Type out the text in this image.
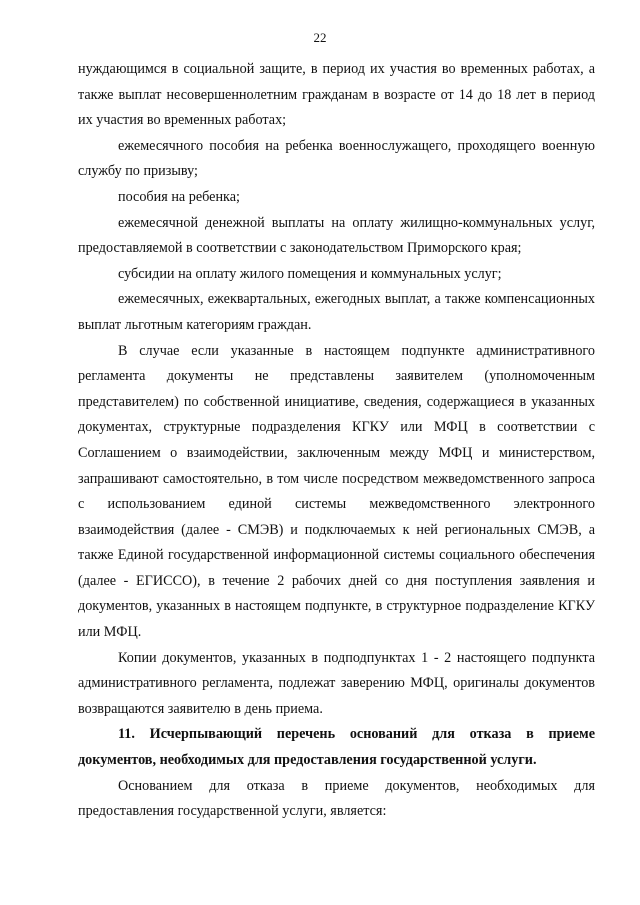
22

нуждающимся в социальной защите, в период их участия во временных работах, а также выплат несовершеннолетним гражданам в возрасте от 14 до 18 лет в период их участия во временных работах;

ежемесячного пособия на ребенка военнослужащего, проходящего военную службу по призыву;

пособия на ребенка;

ежемесячной денежной выплаты на оплату жилищно-коммунальных услуг, предоставляемой в соответствии с законодательством Приморского края;

субсидии на оплату жилого помещения и коммунальных услуг;

ежемесячных, ежеквартальных, ежегодных выплат, а также компенсационных выплат льготным категориям граждан.

В случае если указанные в настоящем подпункте административного регламента документы не представлены заявителем (уполномоченным представителем) по собственной инициативе, сведения, содержащиеся в указанных документах, структурные подразделения КГКУ или МФЦ в соответствии с Соглашением о взаимодействии, заключенным между МФЦ и министерством, запрашивают самостоятельно, в том числе посредством межведомственного запроса с использованием единой системы межведомственного электронного взаимодействия (далее - СМЭВ) и подключаемых к ней региональных СМЭВ, а также Единой государственной информационной системы социального обеспечения (далее - ЕГИССО), в течение 2 рабочих дней со дня поступления заявления и документов, указанных в настоящем подпункте, в структурное подразделение КГКУ или МФЦ.

Копии документов, указанных в подподпунктах 1 - 2 настоящего подпункта административного регламента, подлежат заверению МФЦ, оригиналы документов возвращаются заявителю в день приема.

11. Исчерпывающий перечень оснований для отказа в приеме документов, необходимых для предоставления государственной услуги.

Основанием для отказа в приеме документов, необходимых для предоставления государственной услуги, является:
